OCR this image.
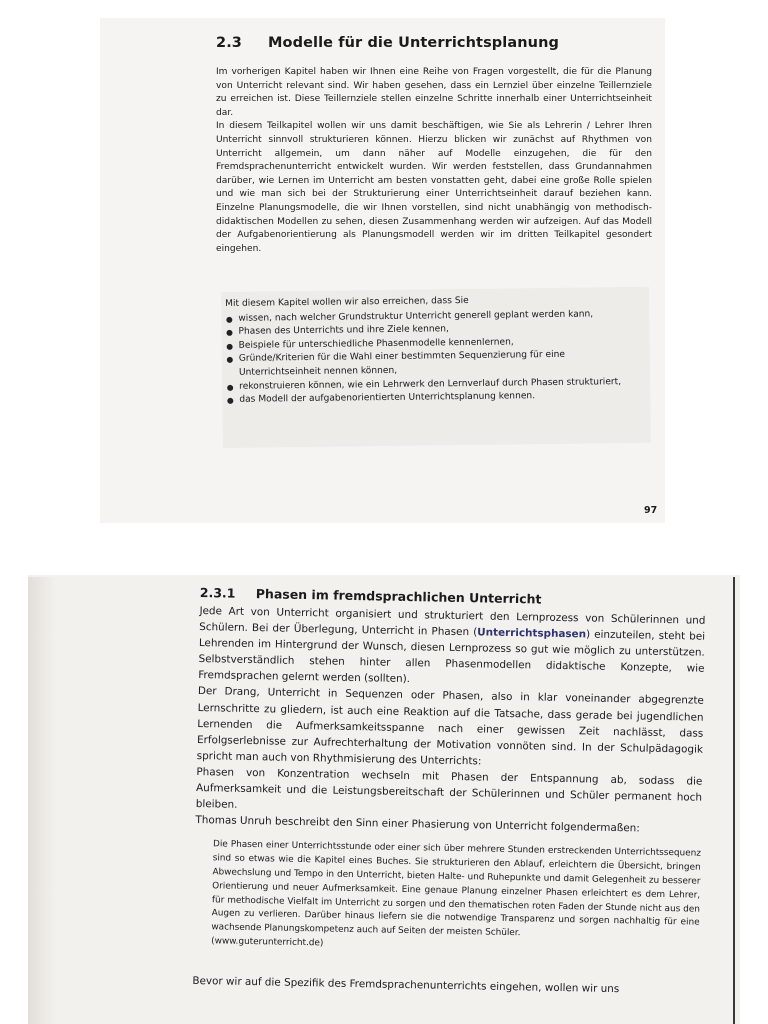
2.3 Modelle für die Unterrichtsplanung

Im vorherigen Kapitel haben wir Ihnen eine Reihe von Fragen vorgestellt, die für die Planung von Unterricht relevant sind. Wir haben gesehen, dass ein Lernziel über einzelne Teillernziele zu erreichen ist. Diese Teillernziele stellen einzelne Schritte innerhalb einer Unterrichtseinheit dar.

In diesem Teilkapitel wollen wir uns damit beschäftigen, wie Sie als Lehrerin / Lehrer Ihren Unterricht sinnvoll strukturieren können. Hierzu blicken wir zunächst auf Rhythmen von Unterricht allgemein, um dann näher auf Modelle einzugehen, die für den Fremdsprachenunterricht entwickelt wurden. Wir werden feststellen, dass Grundannahmen darüber, wie Lernen im Unterricht am besten vonstatten geht, dabei eine große Rolle spielen und wie man sich bei der Strukturierung einer Unterrichtseinheit darauf beziehen kann. Einzelne Planungsmodelle, die wir Ihnen vorstellen, sind nicht unabhängig von methodisch-didaktischen Modellen zu sehen, diesen Zusammenhang werden wir aufzeigen. Auf das Modell der Aufgabenorientierung als Planungsmodell werden wir im dritten Teilkapitel gesondert eingehen.

Mit diesem Kapitel wollen wir also erreichen, dass Sie

wissen, nach welcher Grundstruktur Unterricht generell geplant werden kann,
Phasen des Unterrichts und ihre Ziele kennen,
Beispiele für unterschiedliche Phasenmodelle kennenlernen,
Gründe/Kriterien für die Wahl einer bestimmten Sequenzierung für eine Unterrichtseinheit nennen können,
rekonstruieren können, wie ein Lehrwerk den Lernverlauf durch Phasen strukturiert,
das Modell der aufgabenorientierten Unterrichtsplanung kennen.
97
2.3.1 Phasen im fremdsprachlichen Unterricht

Jede Art von Unterricht organisiert und strukturiert den Lernprozess von Schülerinnen und Schülern. Bei der Überlegung, Unterricht in Phasen (Unterrichtsphasen) einzuteilen, steht bei Lehrenden im Hintergrund der Wunsch, diesen Lernprozess so gut wie möglich zu unterstützen. Selbstverständlich stehen hinter allen Phasenmodellen didaktische Konzepte, wie Fremdsprachen gelernt werden (sollten).

Der Drang, Unterricht in Sequenzen oder Phasen, also in klar voneinander abgegrenzte Lernschritte zu gliedern, ist auch eine Reaktion auf die Tatsache, dass gerade bei jugendlichen Lernenden die Aufmerksamkeitsspanne nach einer gewissen Zeit nachlässt, dass Erfolgserlebnisse zur Aufrechterhaltung der Motivation vonnöten sind. In der Schulpädagogik spricht man auch von Rhythmisierung des Unterrichts:

Phasen von Konzentration wechseln mit Phasen der Entspannung ab, sodass die Aufmerksamkeit und die Leistungsbereitschaft der Schülerinnen und Schüler permanent hoch bleiben.

Thomas Unruh beschreibt den Sinn einer Phasierung von Unterricht folgendermaßen:

Die Phasen einer Unterrichtsstunde oder einer sich über mehrere Stunden erstreckenden Unterrichtssequenz sind so etwas wie die Kapitel eines Buches. Sie strukturieren den Ablauf, erleichtern die Übersicht, bringen Abwechslung und Tempo in den Unterricht, bieten Halte- und Ruhepunkte und damit Gelegenheit zu besserer Orientierung und neuer Aufmerksamkeit. Eine genaue Planung einzelner Phasen erleichtert es dem Lehrer, für methodische Vielfalt im Unterricht zu sorgen und den thematischen roten Faden der Stunde nicht aus den Augen zu verlieren. Darüber hinaus liefern sie die notwendige Transparenz und sorgen nachhaltig für eine wachsende Planungskompetenz auch auf Seiten der meisten Schüler.

(www.guterunterricht.de)

Bevor wir auf die Spezifik des Fremdsprachenunterrichts eingehen, wollen wir uns
